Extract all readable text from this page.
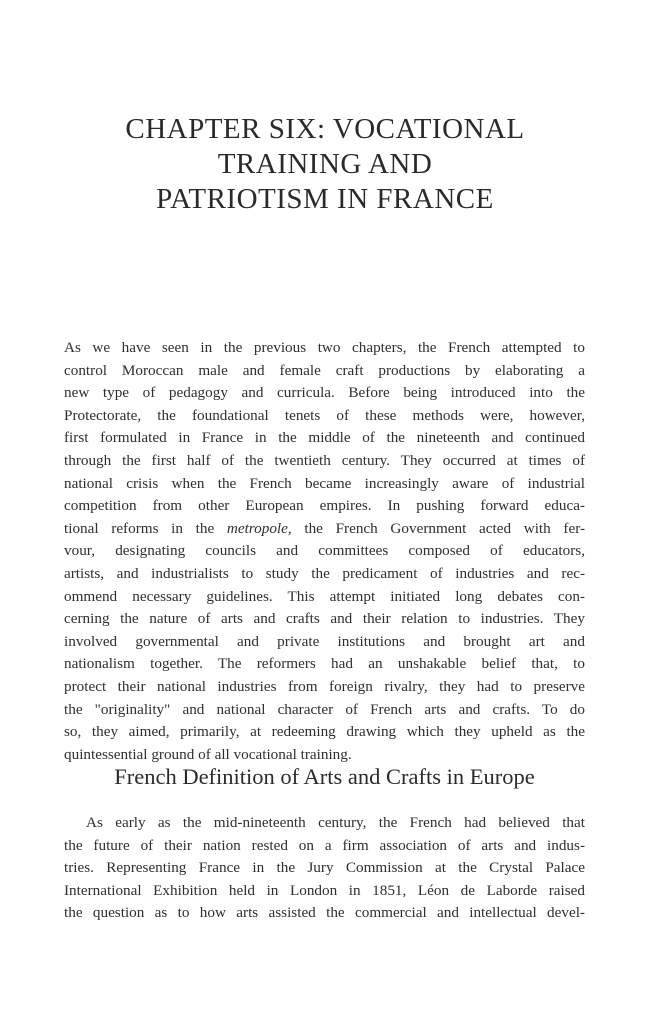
CHAPTER SIX: VOCATIONAL
TRAINING AND
PATRIOTISM IN FRANCE

As we have seen in the previous two chapters, the French attempted to
control Moroccan male and female craft productions by elaborating a
new type of pedagogy and curricula. Before being introduced into the
Protectorate, the foundational tenets of these methods were, however,
first formulated in France in the middle of the nineteenth and continued
through the first half of the twentieth century. They occurred at times of
national crisis when the French became increasingly aware of industrial
competition from other European empires. In pushing forward educa-
tional reforms in the metropole, the French Government acted with fer-
vour, designating councils and committees composed of educators,
artists, and industrialists to study the predicament of industries and rec-
ommend necessary guidelines. This attempt initiated long debates con-
cerning the nature of arts and crafts and their relation to industries. They
involved governmental and private institutions and brought art and
nationalism together. The reformers had an unshakable belief that, to
protect their national industries from foreign rivalry, they had to preserve
the "originality" and national character of French arts and crafts. To do
so, they aimed, primarily, at redeeming drawing which they upheld as the
quintessential ground of all vocational training.

French Definition of Arts and Crafts in Europe

As early as the mid-nineteenth century, the French had believed that
the future of their nation rested on a firm association of arts and indus-
tries. Representing France in the Jury Commission at the Crystal Palace
International Exhibition held in London in 1851, Léon de Laborde raised
the question as to how arts assisted the commercial and intellectual devel-
